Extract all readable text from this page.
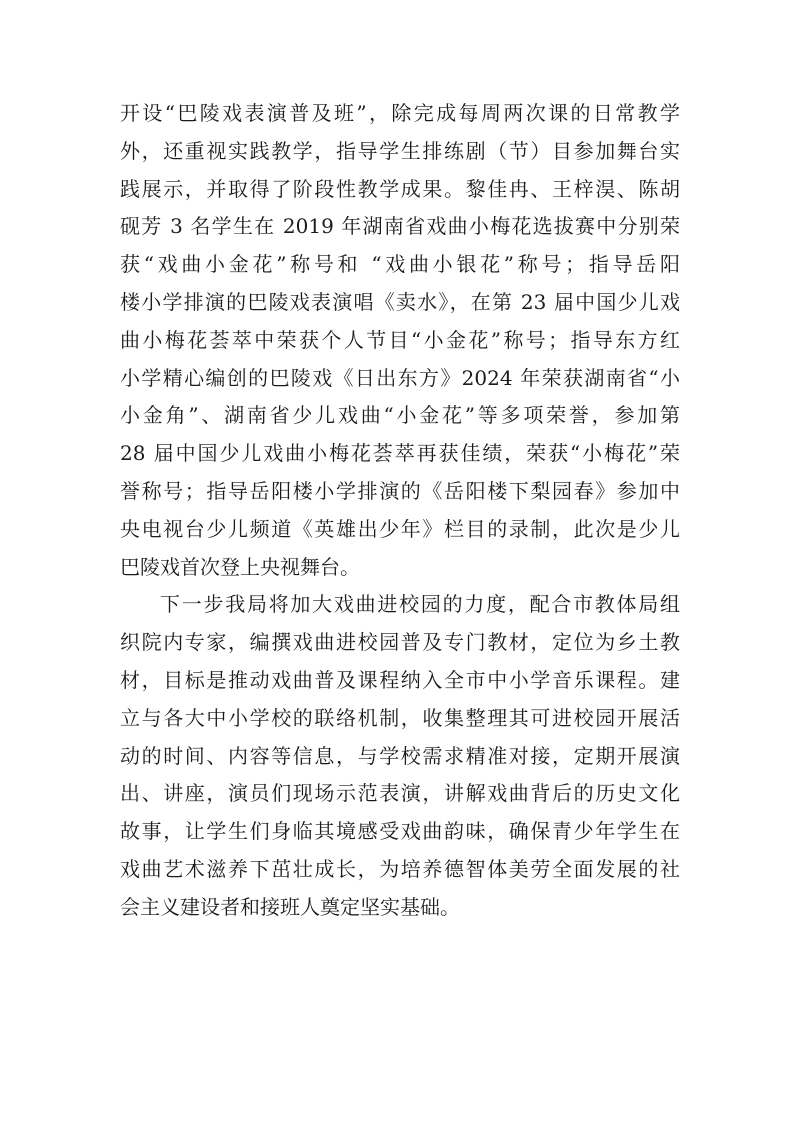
开设“巴陵戏表演普及班”，除完成每周两次课的日常教学
外，还重视实践教学，指导学生排练剧（节）目参加舞台实
践展示，并取得了阶段性教学成果。黎佳冉、王梓淏、陈胡
砚芳 3 名学生在 2019 年湖南省戏曲小梅花选拔赛中分别荣
获“戏曲小金花”称号和 “戏曲小银花”称号；指导岳阳
楼小学排演的巴陵戏表演唱《卖水》，在第 23 届中国少儿戏
曲小梅花荟萃中荣获个人节目“小金花”称号；指导东方红
小学精心编创的巴陵戏《日出东方》2024 年荣获湖南省“小
小金角”、湖南省少儿戏曲“小金花”等多项荣誉，参加第
28 届中国少儿戏曲小梅花荟萃再获佳绩，荣获“小梅花”荣
誉称号；指导岳阳楼小学排演的《岳阳楼下梨园春》参加中
央电视台少儿频道《英雄出少年》栏目的录制，此次是少儿
巴陵戏首次登上央视舞台。
下一步我局将加大戏曲进校园的力度，配合市教体局组
织院内专家，编撰戏曲进校园普及专门教材，定位为乡土教
材，目标是推动戏曲普及课程纳入全市中小学音乐课程。建
立与各大中小学校的联络机制，收集整理其可进校园开展活
动的时间、内容等信息，与学校需求精准对接，定期开展演
出、讲座，演员们现场示范表演，讲解戏曲背后的历史文化
故事，让学生们身临其境感受戏曲韵味，确保青少年学生在
戏曲艺术滋养下茁壮成长，为培养德智体美劳全面发展的社
会主义建设者和接班人奠定坚实基础。
